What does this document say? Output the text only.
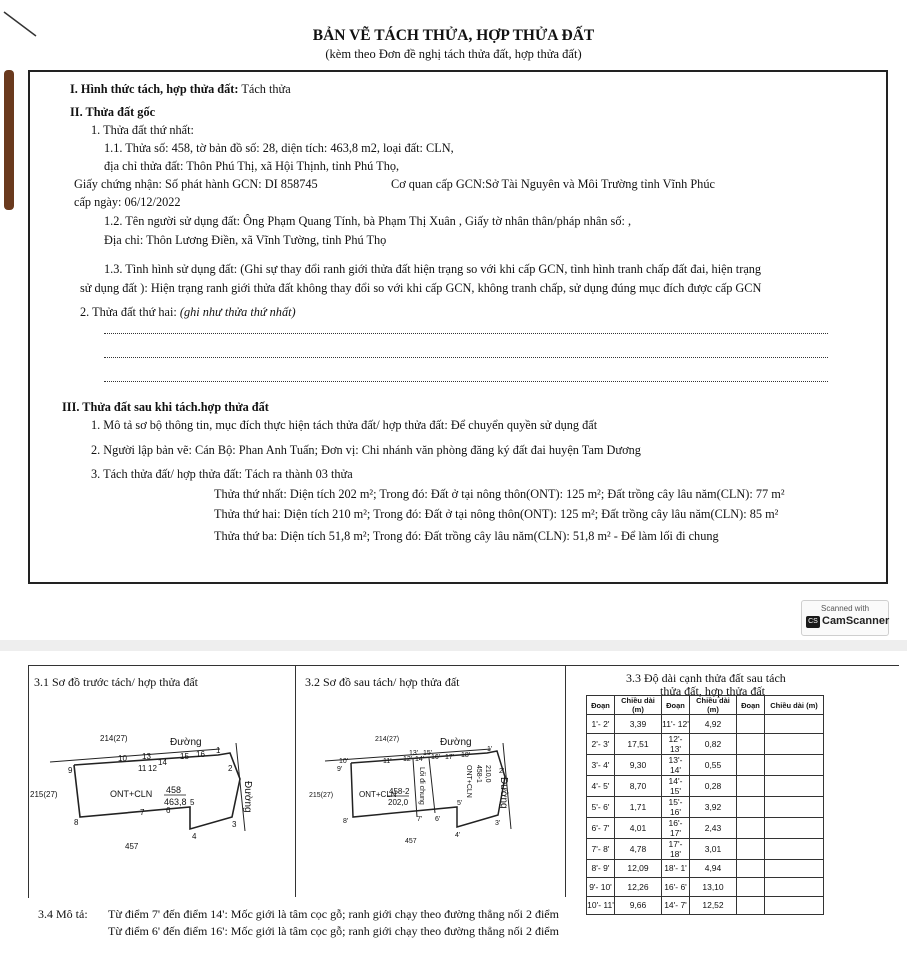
BẢN VẼ TÁCH THỬA, HỢP THỬA ĐẤT
(kèm theo Đơn đề nghị tách thửa đất, hợp thửa đất)
I. Hình thức tách, hợp thửa đất: Tách thửa
II. Thửa đất gốc
1. Thửa đất thứ nhất:
1.1. Thửa số: 458, tờ bản đồ số: 28, diện tích: 463,8 m2, loại đất: CLN,
địa chỉ thửa đất: Thôn Phú Thị, xã Hội Thịnh, tỉnh Phú Thọ,
Giấy chứng nhận: Số phát hành GCN: DI 858745	Cơ quan cấp GCN:Sở Tài Nguyên và Môi Trường tỉnh Vĩnh Phúc
cấp ngày: 06/12/2022
1.2. Tên người sử dụng đất: Ông Phạm Quang Tính, bà Phạm Thị Xuân , Giấy tờ nhân thân/pháp nhân số: ,
Địa chỉ: Thôn Lương Điền, xã Vĩnh Tường, tỉnh Phú Thọ
1.3. Tình hình sử dụng đất: (Ghi sự thay đổi ranh giới thửa đất hiện trạng so với khi cấp GCN, tình hình tranh chấp đất đai, hiện trạng
sử dụng đất ): Hiện trạng ranh giới thửa đất không thay đổi so với khi cấp GCN, không tranh chấp, sử dụng đúng mục đích được cấp GCN
2. Thửa đất thứ hai: (ghi như thửa thứ nhất)
III. Thửa đất sau khi tách.hợp thửa đất
1. Mô tả sơ bộ thông tin, mục đích thực hiện tách thửa đất/ hợp thửa đất: Để chuyển quyền sử dụng đất
2. Người lập bản vẽ: Cán Bộ: Phan Anh Tuấn; Đơn vị: Chi nhánh văn phòng đăng ký đất đai huyện Tam Dương
3. Tách thửa đất/ hợp thửa đất: Tách ra thành 03 thửa
Thửa thứ nhất: Diện tích 202 m²; Trong đó: Đất ở tại nông thôn(ONT): 125 m²; Đất trồng cây lâu năm(CLN): 77 m²
Thửa thứ hai: Diện tích 210 m²; Trong đó: Đất ở tại nông thôn(ONT): 125 m²; Đất trồng cây lâu năm(CLN): 85 m²
Thửa thứ ba: Diện tích 51,8 m²; Trong đó: Đất trồng cây lâu năm(CLN): 51,8 m² - Để làm lối đi chung
Scanned with
CS CamScanner
3.1 Sơ đồ trước tách/ hợp thửa đất	3.2 Sơ đồ sau tách/ hợp thửa đất	3.3 Độ dài cạnh thửa đất sau tách
thửa đất, hợp thửa đất
214(27)
215(27)
457
Đường
Đường
ONT+CLN 458
463,8
1
2
3
4
5
6
7
8
9
10
11 12
13
14
15 16
214(27)
215(27)
457
Đường
Đường
Lối đi chung
ONT+CLN
458-2
202,0
ONT+CLN 458-1 210,0
1'
2'
3'
4'
5'
6'
7'
8'
9'
10'	11' 12'
13'
14'
15'
16' 17' 18'
Đoạn	Chiều dài (m)	Đoạn	Chiều dài (m)	Đoạn	Chiều dài (m)
1'- 2'	3,39	11'- 12'	4,92		
2'- 3'	17,51	12'- 13'	0,82		
3'- 4'	9,30	13'- 14'	0,55		
4'- 5'	8,70	14'- 15'	0,28		
5'- 6'	1,71	15'- 16'	3,92		
6'- 7'	4,01	16'- 17'	2,43		
7'- 8'	4,78	17'- 18'	3,01		
8'- 9'	12,09	18'- 1'	4,94		
9'- 10'	12,26	16'- 6'	13,10		
10'- 11'	9,66	14'- 7'	12,52		
3.4 Mô tả: Từ điểm 7' đến điểm 14': Mốc giới là tâm cọc gỗ; ranh giới chạy theo đường thẳng nối 2 điểm
Từ điểm 6' đến điểm 16': Mốc giới là tâm cọc gỗ; ranh giới chạy theo đường thẳng nối 2 điểm
